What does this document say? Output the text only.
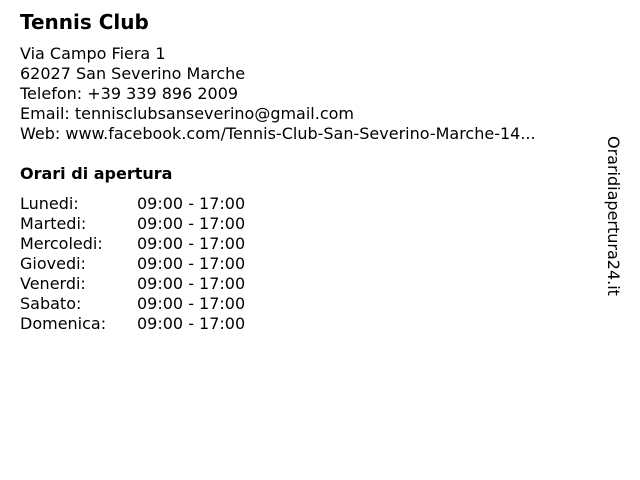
Tennis Club
Via Campo Fiera 1
62027 San Severino Marche
Telefon: +39 339 896 2009
Email: tennisclubsanseverino@gmail.com
Web: www.facebook.com/Tennis-Club-San-Severino-Marche-14...
Orari di apertura
Lunedi:	09:00 - 17:00
Martedi:	09:00 - 17:00
Mercoledi:	09:00 - 17:00
Giovedi:	09:00 - 17:00
Venerdi:	09:00 - 17:00
Sabato:	09:00 - 17:00
Domenica:	09:00 - 17:00
Oraridiapertura24.it
